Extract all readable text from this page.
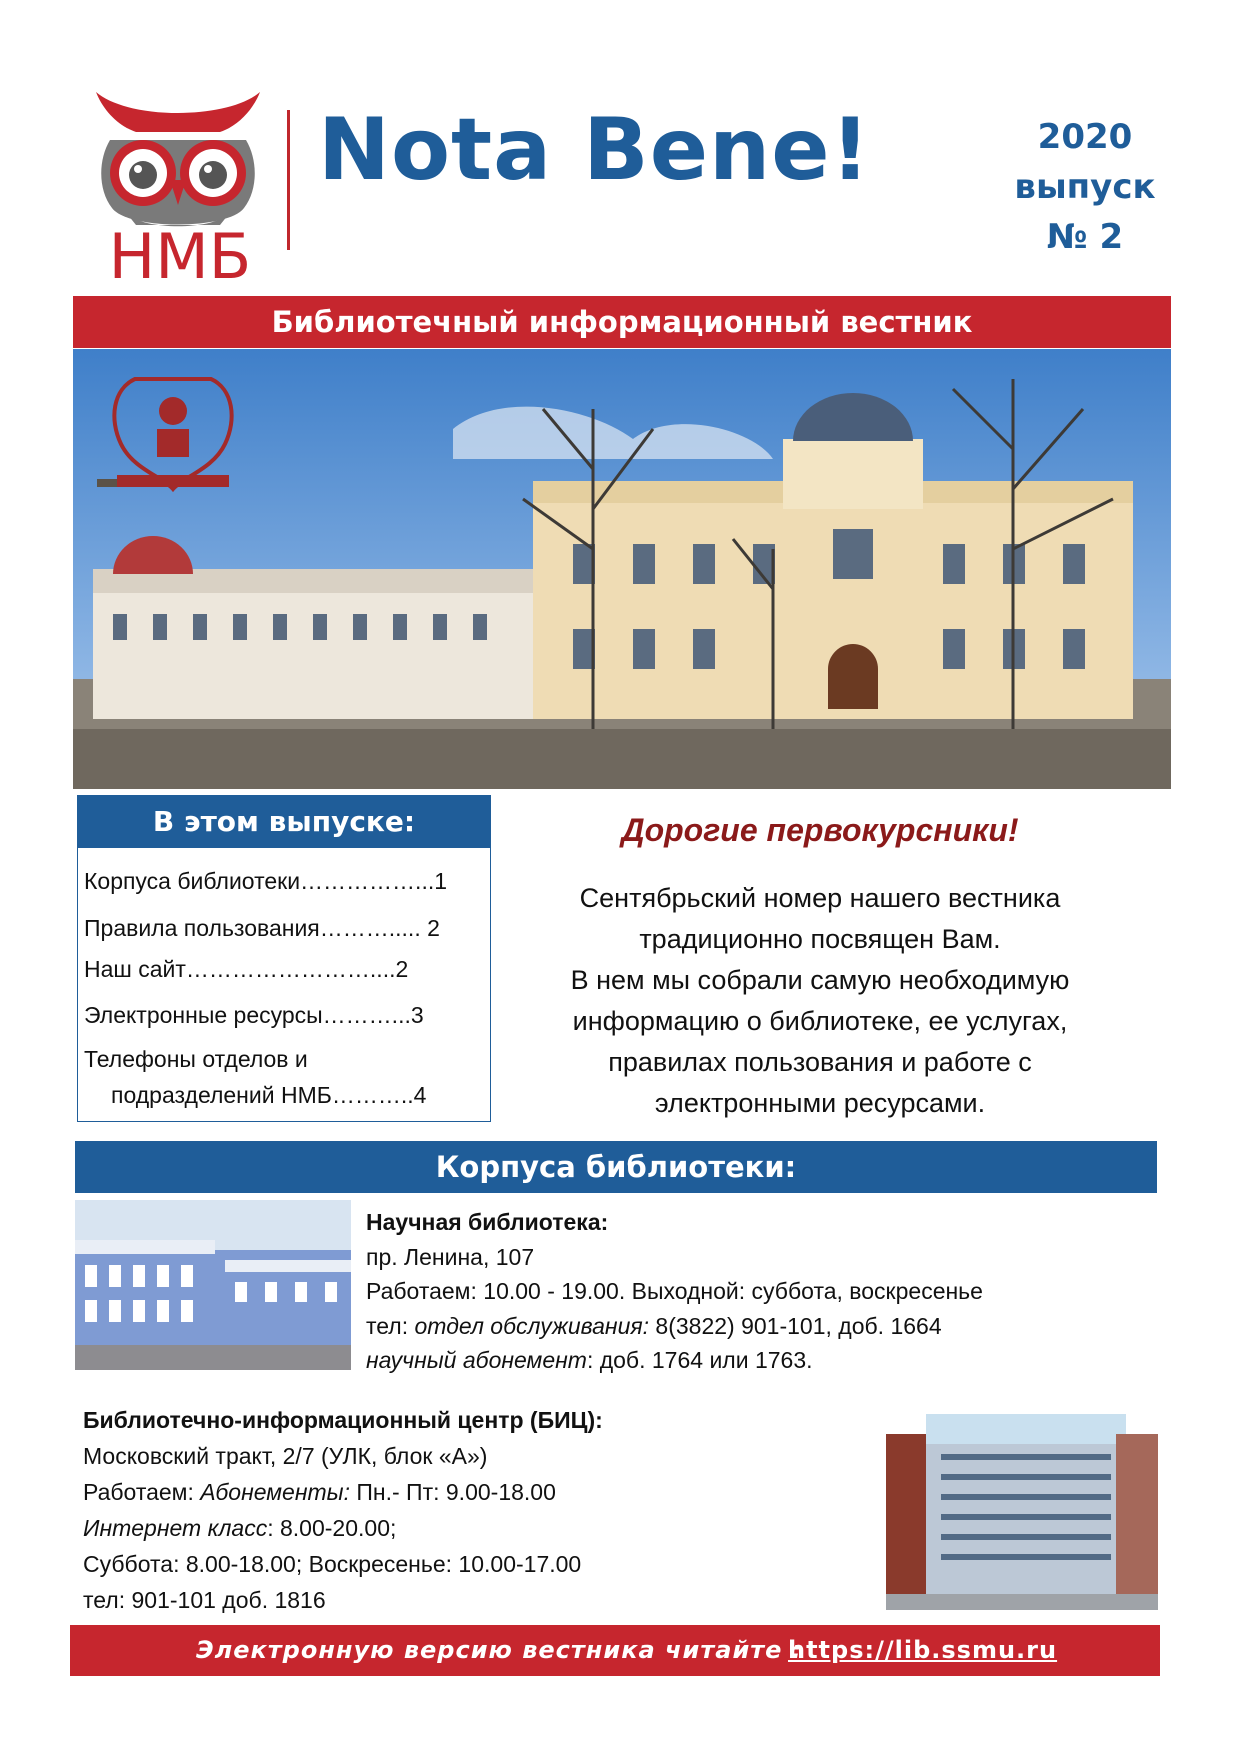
НМБ
Nota Bene!	2020
выпуск
№ 2
Библиотечный информационный вестник
В этом выпуске:
Корпуса библиотеки……………...1
Правила пользования………..... 2
Наш сайт……………………....2
Электронные ресурсы………...3
Телефоны отделов и
подразделений НМБ………..4
Дорогие первокурсники!
Сентябрьский номер нашего вестника
традиционно посвящен Вам.
В нем мы собрали самую необходимую
информацию о библиотеке, ее услугах,
правилах пользования и работе с
электронными ресурсами.
Корпуса библиотеки:
Научная библиотека:
пр. Ленина, 107
Работаем: 10.00 - 19.00. Выходной: суббота, воскресенье
тел: отдел обслуживания: 8(3822) 901-101, доб. 1664
научный абонемент: доб. 1764 или 1763.
Библиотечно-информационный центр (БИЦ):
Московский тракт, 2/7 (УЛК, блок «А»)
Работаем: Абонементы: Пн.- Пт: 9.00-18.00
Интернет класс: 8.00-20.00;
Суббота: 8.00-18.00; Воскресенье: 10.00-17.00
тел: 901-101 доб. 1816
Электронную версию вестника читайте :
https://lib.ssmu.ru
